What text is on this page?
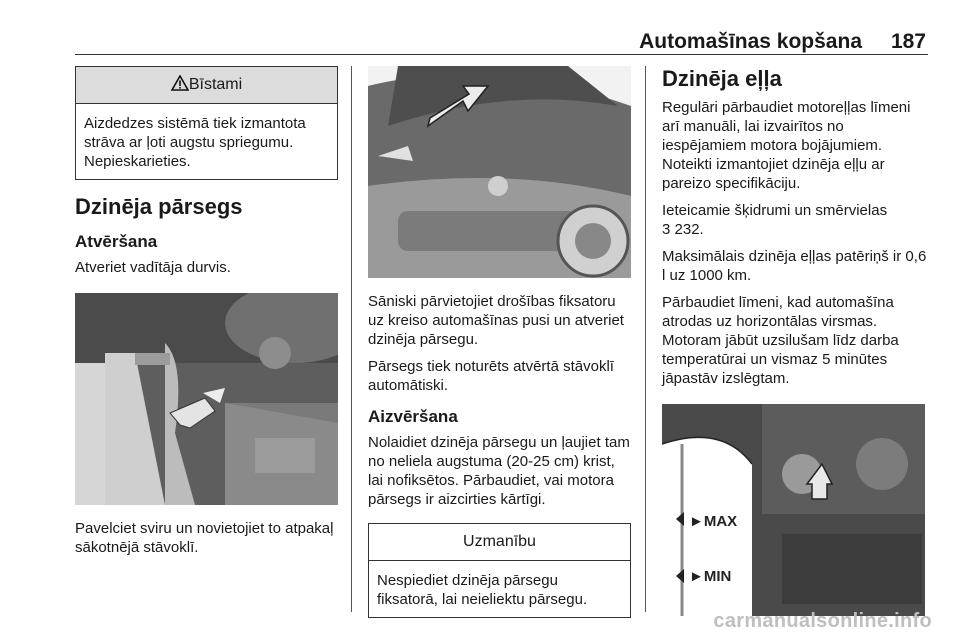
Automašīnas kopšana 187
Bīstami
Aizdedzes sistēmā tiek izmantota strāva ar ļoti augstu spriegumu. Nepieskarieties.
Dzinēja pārsegs
Atvēršana

Atveriet vadītāja durvis.

Pavelciet sviru un novietojiet to atpakaļ sākotnējā stāvoklī.

Sāniski pārvietojiet drošības fiksatoru uz kreiso automašīnas pusi un atveriet dzinēja pārsegu.

Pārsegs tiek noturēts atvērtā stāvoklī automātiski.

Aizvēršana

Nolaidiet dzinēja pārsegu un ļaujiet tam no neliela augstuma (20-25 cm) krist, lai nofiksētos. Pārbaudiet, vai motora pārsegs ir aizcirties kārtīgi.

Uzmanību
Nespiediet dzinēja pārsegu fiksatorā, lai neieliektu pārsegu.
Dzinēja eļļa

Regulāri pārbaudiet motoreļļas līmeni arī manuāli, lai izvairītos no iespējamiem motora bojājumiem. Noteikti izmantojiet dzinēja eļļu ar pareizo specifikāciju.

Ieteicamie šķidrumi un smērvielas
3 232.

Maksimālais dzinēja eļļas patēriņš ir 0,6 l uz 1000 km.

Pārbaudiet līmeni, kad automašīna atrodas uz horizontālas virsmas. Motoram jābūt uzsilušam līdz darba temperatūrai un vismaz 5 minūtes jāpastāv izslēgtam.

►MAX
►MIN
carmanualsonline.info
